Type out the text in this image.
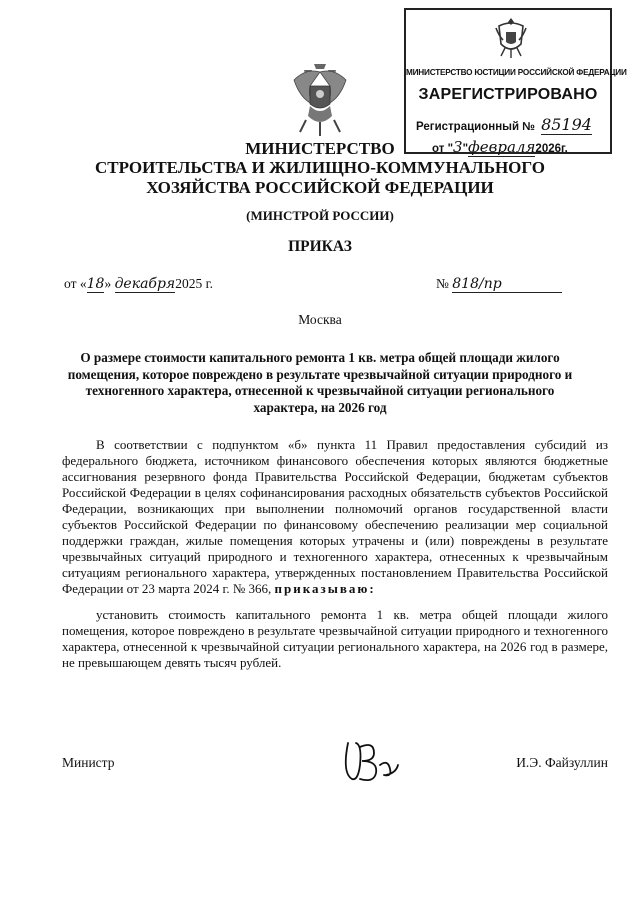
МИНИСТЕРСТВО ЮСТИЦИИ РОССИЙСКОЙ ФЕДЕРАЦИИ
ЗАРЕГИСТРИРОВАНО
Регистрационный № 85194
от "3"февраля2026г.
МИНИСТЕРСТВО
СТРОИТЕЛЬСТВА И ЖИЛИЩНО-КОММУНАЛЬНОГО
ХОЗЯЙСТВА РОССИЙСКОЙ ФЕДЕРАЦИИ
(МИНСТРОЙ РОССИИ)
ПРИКАЗ
от «18» декабря2025 г.	№ 818/пр
Москва
О размере стоимости капитального ремонта 1 кв. метра общей площади жилого помещения, которое повреждено в результате чрезвычайной ситуации природного и техногенного характера, отнесенной к чрезвычайной ситуации регионального характера, на 2026 год

В соответствии с подпунктом «б» пункта 11 Правил предоставления субсидий из федерального бюджета, источником финансового обеспечения которых являются бюджетные ассигнования резервного фонда Правительства Российской Федерации, бюджетам субъектов Российской Федерации в целях софинансирования расходных обязательств субъектов Российской Федерации, возникающих при выполнении полномочий органов государственной власти субъектов Российской Федерации по финансовому обеспечению реализации мер социальной поддержки граждан, жилые помещения которых утрачены и (или) повреждены в результате чрезвычайных ситуаций природного и техногенного характера, отнесенных к чрезвычайным ситуациям регионального характера, утвержденных постановлением Правительства Российской Федерации от 23 марта 2024 г. № 366, приказываю:

установить стоимость капитального ремонта 1 кв. метра общей площади жилого помещения, которое повреждено в результате чрезвычайной ситуации природного и техногенного характера, отнесенной к чрезвычайной ситуации регионального характера, на 2026 год в размере, не превышающем девять тысяч рублей.

Министр	И.Э. Файзуллин
